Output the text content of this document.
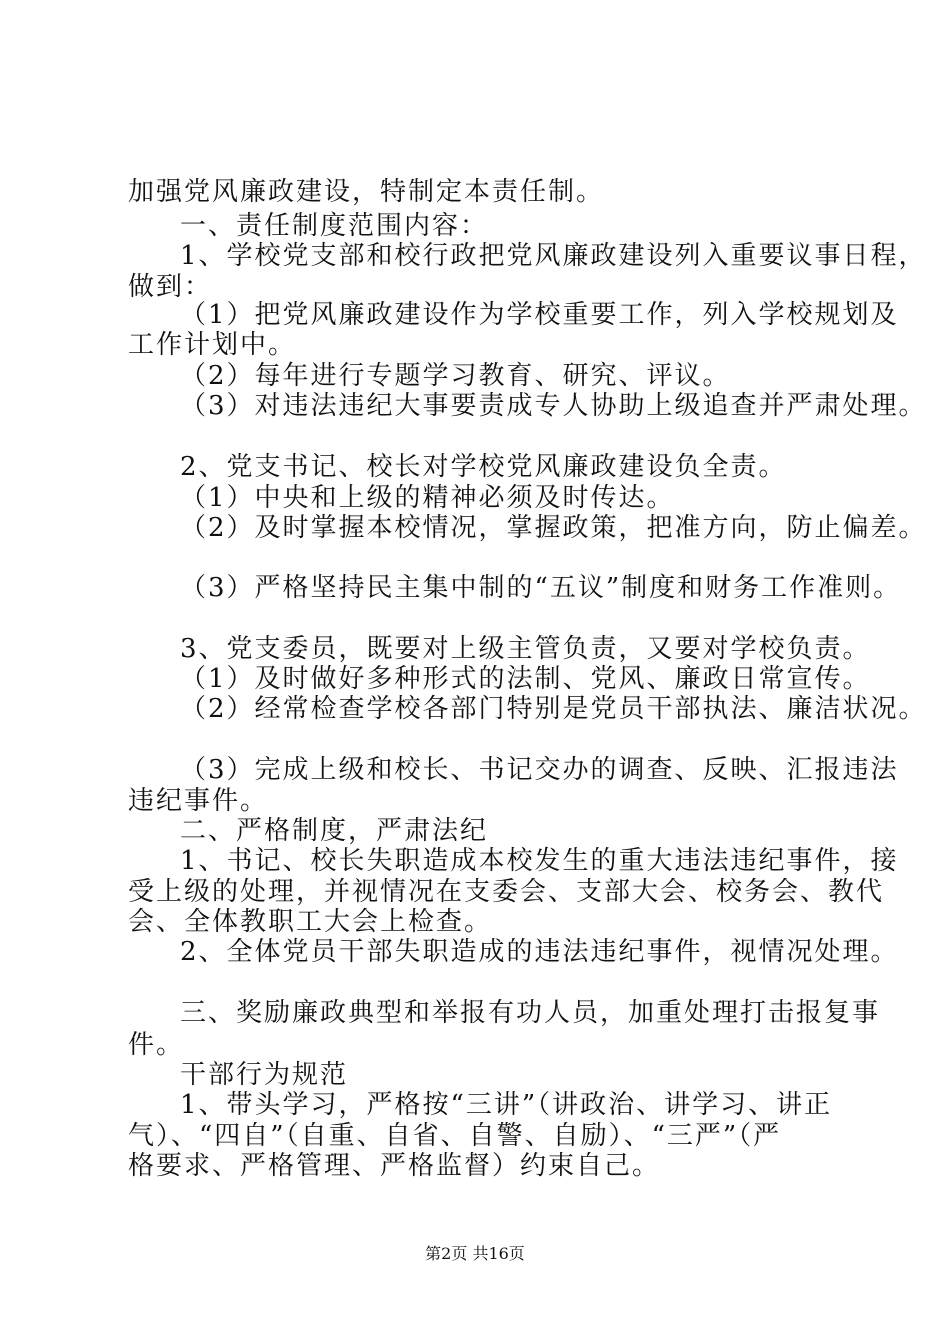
加强党风廉政建设，特制定本责任制。
一、责任制度范围内容：
1、学校党支部和校行政把党风廉政建设列入重要议事日程，
做到：
（1）把党风廉政建设作为学校重要工作，列入学校规划及
工作计划中。
（2）每年进行专题学习教育、研究、评议。
（3）对违法违纪大事要责成专人协助上级追查并严肃处理。
2、党支书记、校长对学校党风廉政建设负全责。
（1）中央和上级的精神必须及时传达。
（2）及时掌握本校情况，掌握政策，把准方向，防止偏差。
（3）严格坚持民主集中制的“五议”制度和财务工作准则。
3、党支委员，既要对上级主管负责，又要对学校负责。
（1）及时做好多种形式的法制、党风、廉政日常宣传。
（2）经常检查学校各部门特别是党员干部执法、廉洁状况。
（3）完成上级和校长、书记交办的调查、反映、汇报违法
违纪事件。
二、严格制度，严肃法纪
1、书记、校长失职造成本校发生的重大违法违纪事件，接
受上级的处理，并视情况在支委会、支部大会、校务会、教代
会、全体教职工大会上检查。
2、全体党员干部失职造成的违法违纪事件，视情况处理。
三、奖励廉政典型和举报有功人员，加重处理打击报复事
件。
干部行为规范
1、带头学习，严格按“三讲”（讲政治、讲学习、讲正
气）、“四自”（自重、自省、自警、自励）、“三严”（严
格要求、严格管理、严格监督）约束自己。
第2页 共16页
